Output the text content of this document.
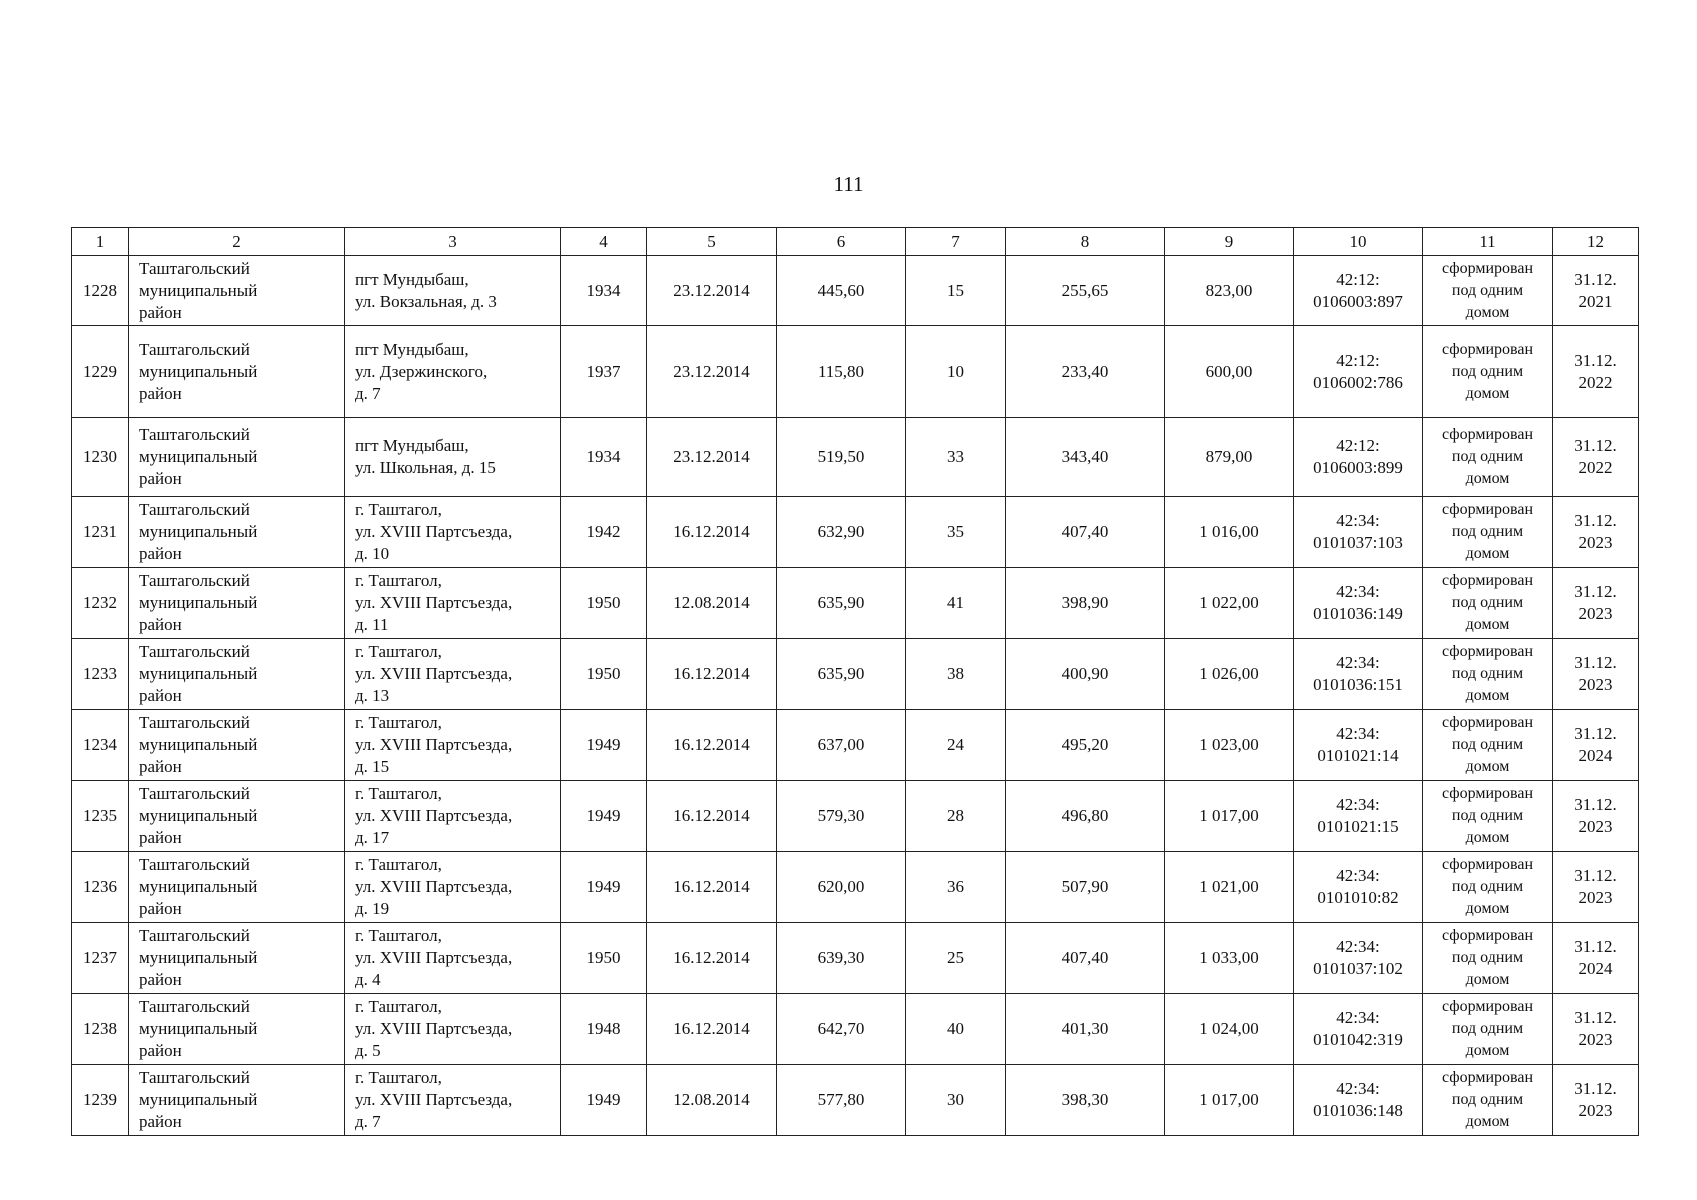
111
1	2	3	4	5	6	7	8	9	10	11	12
1228	Таштагольский
муниципальный
район	пгт Мундыбаш,
ул. Вокзальная, д. 3	1934	23.12.2014	445,60	15	255,65	823,00	42:12:
0106003:897	сформирован
под одним
домом	31.12.
2021

1229	Таштагольский
муниципальный
район	пгт Мундыбаш,
ул. Дзержинского,
д. 7	1937	23.12.2014	115,80	10	233,40	600,00	42:12:
0106002:786	сформирован
под одним
домом	31.12.
2022

1230	Таштагольский
муниципальный
район	пгт Мундыбаш,
ул. Школьная, д. 15	1934	23.12.2014	519,50	33	343,40	879,00	42:12:
0106003:899	сформирован
под одним
домом	31.12.
2022

1231	Таштагольский
муниципальный
район	г. Таштагол,
ул. XVIII Партсъезда,
д. 10	1942	16.12.2014	632,90	35	407,40	1 016,00	42:34:
0101037:103	сформирован
под одним
домом	31.12.
2023

1232	Таштагольский
муниципальный
район	г. Таштагол,
ул. XVIII Партсъезда,
д. 11	1950	12.08.2014	635,90	41	398,90	1 022,00	42:34:
0101036:149	сформирован
под одним
домом	31.12.
2023

1233	Таштагольский
муниципальный
район	г. Таштагол,
ул. XVIII Партсъезда,
д. 13	1950	16.12.2014	635,90	38	400,90	1 026,00	42:34:
0101036:151	сформирован
под одним
домом	31.12.
2023

1234	Таштагольский
муниципальный
район	г. Таштагол,
ул. XVIII Партсъезда,
д. 15	1949	16.12.2014	637,00	24	495,20	1 023,00	42:34:
0101021:14	сформирован
под одним
домом	31.12.
2024

1235	Таштагольский
муниципальный
район	г. Таштагол,
ул. XVIII Партсъезда,
д. 17	1949	16.12.2014	579,30	28	496,80	1 017,00	42:34:
0101021:15	сформирован
под одним
домом	31.12.
2023

1236	Таштагольский
муниципальный
район	г. Таштагол,
ул. XVIII Партсъезда,
д. 19	1949	16.12.2014	620,00	36	507,90	1 021,00	42:34:
0101010:82	сформирован
под одним
домом	31.12.
2023

1237	Таштагольский
муниципальный
район	г. Таштагол,
ул. XVIII Партсъезда,
д. 4	1950	16.12.2014	639,30	25	407,40	1 033,00	42:34:
0101037:102	сформирован
под одним
домом	31.12.
2024

1238	Таштагольский
муниципальный
район	г. Таштагол,
ул. XVIII Партсъезда,
д. 5	1948	16.12.2014	642,70	40	401,30	1 024,00	42:34:
0101042:319	сформирован
под одним
домом	31.12.
2023

1239	Таштагольский
муниципальный
район	г. Таштагол,
ул. XVIII Партсъезда,
д. 7	1949	12.08.2014	577,80	30	398,30	1 017,00	42:34:
0101036:148	сформирован
под одним
домом	31.12.
2023
